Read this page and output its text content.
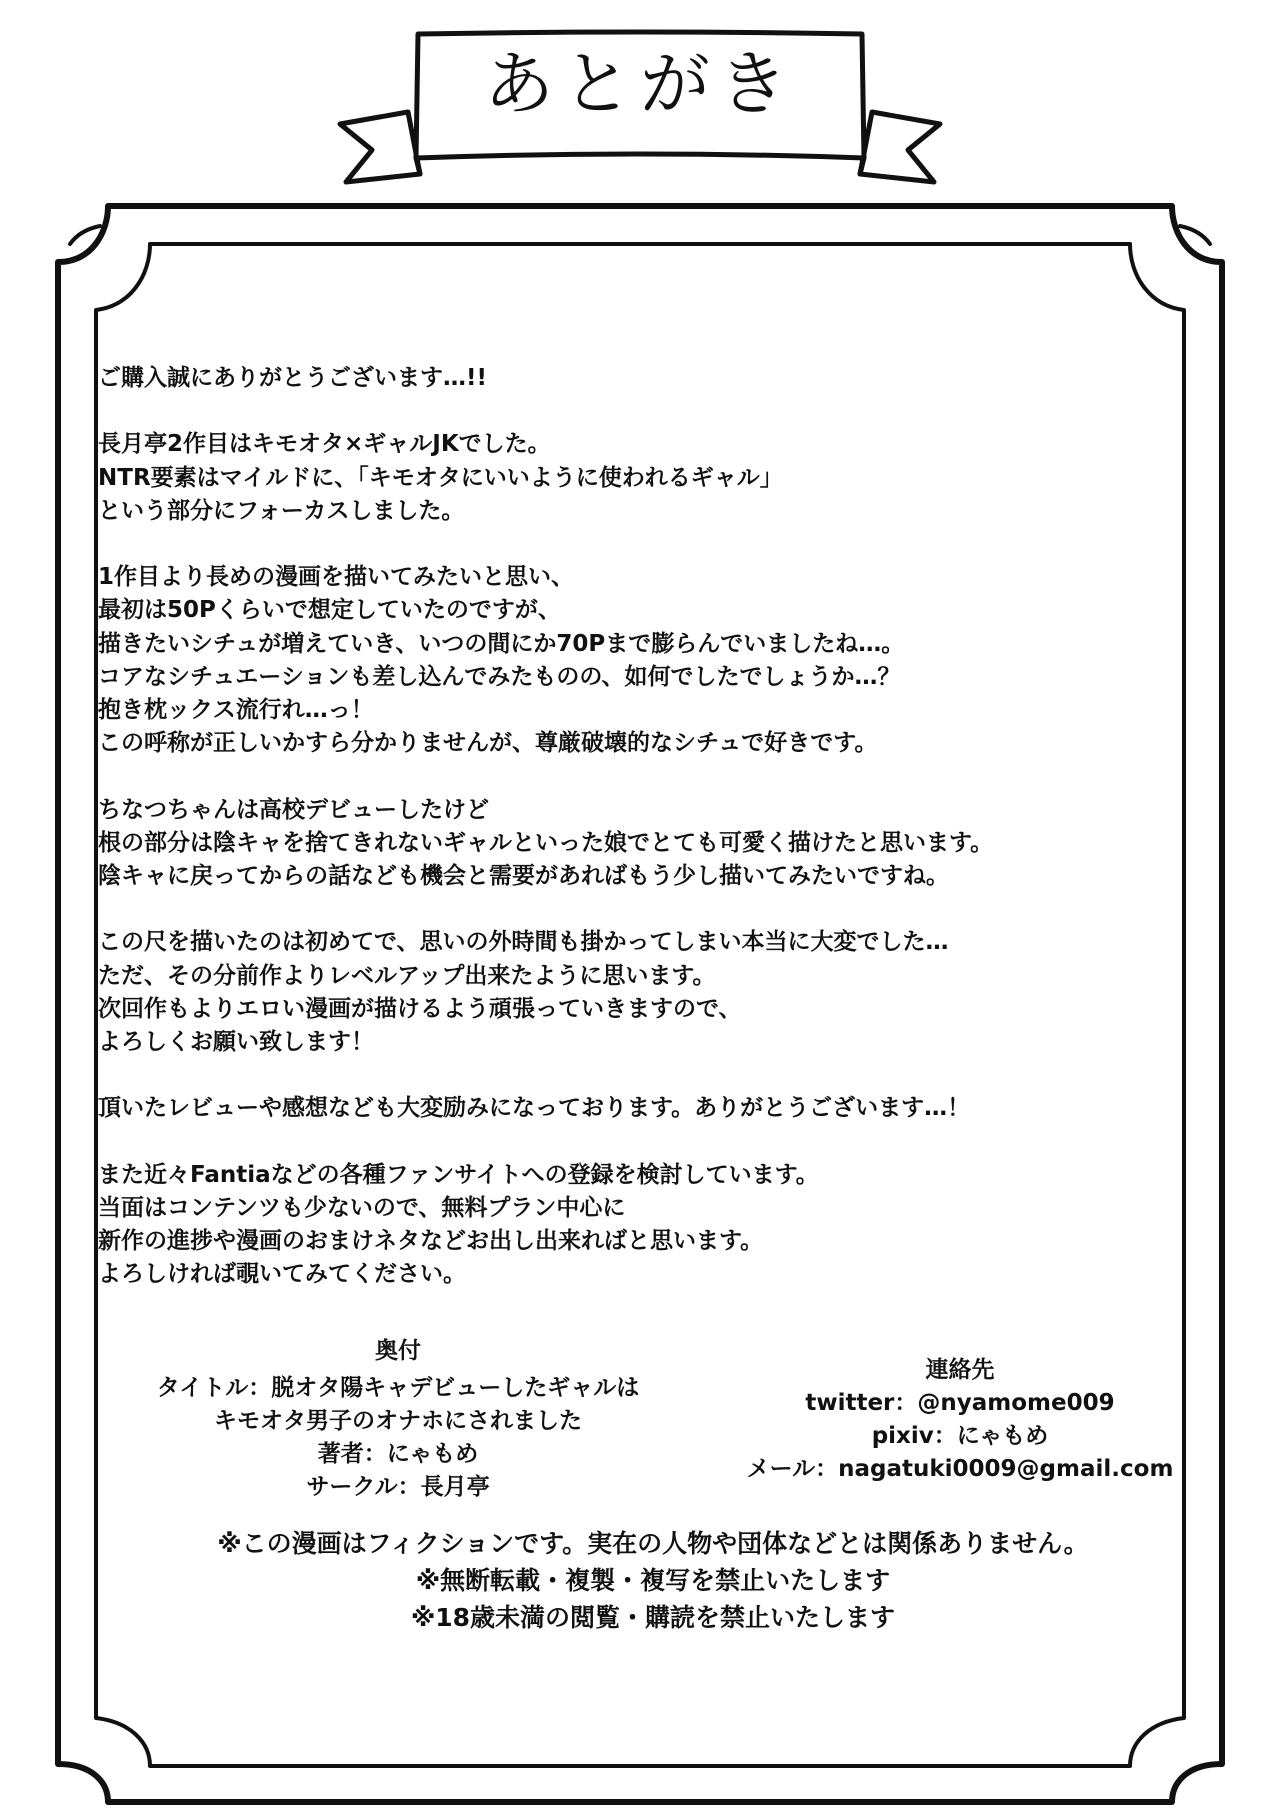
あとがき
ご購入誠にありがとうございます…!!
長月亭2作目はキモオタ×ギャルJKでした。
NTR要素はマイルドに、「キモオタにいいように使われるギャル」
という部分にフォーカスしました。
1作目より長めの漫画を描いてみたいと思い、
最初は50Pくらいで想定していたのですが、
描きたいシチュが増えていき、いつの間にか70Pまで膨らんでいましたね…。
コアなシチュエーションも差し込んでみたものの、如何でしたでしょうか…？
抱き枕ックス流行れ…っ！
この呼称が正しいかすら分かりませんが、尊厳破壊的なシチュで好きです。
ちなつちゃんは高校デビューしたけど
根の部分は陰キャを捨てきれないギャルといった娘でとても可愛く描けたと思います。
陰キャに戻ってからの話なども機会と需要があればもう少し描いてみたいですね。
この尺を描いたのは初めてで、思いの外時間も掛かってしまい本当に大変でした…
ただ、その分前作よりレベルアップ出来たように思います。
次回作もよりエロい漫画が描けるよう頑張っていきますので、
よろしくお願い致します！
頂いたレビューや感想なども大変励みになっております。ありがとうございます…！
また近々Fantiaなどの各種ファンサイトへの登録を検討しています。
当面はコンテンツも少ないので、無料プラン中心に
新作の進捗や漫画のおまけネタなどお出し出来ればと思います。
よろしければ覗いてみてください。
奥付
タイトル：脱オタ陽キャデビューしたギャルは
キモオタ男子のオナホにされました
著者：にゃもめ
サークル：長月亭
連絡先
twitter：@nyamome009
pixiv：にゃもめ
メール：nagatuki0009@gmail.com
※この漫画はフィクションです。実在の人物や団体などとは関係ありません。
※無断転載・複製・複写を禁止いたします
※18歳未満の閲覧・購読を禁止いたします
